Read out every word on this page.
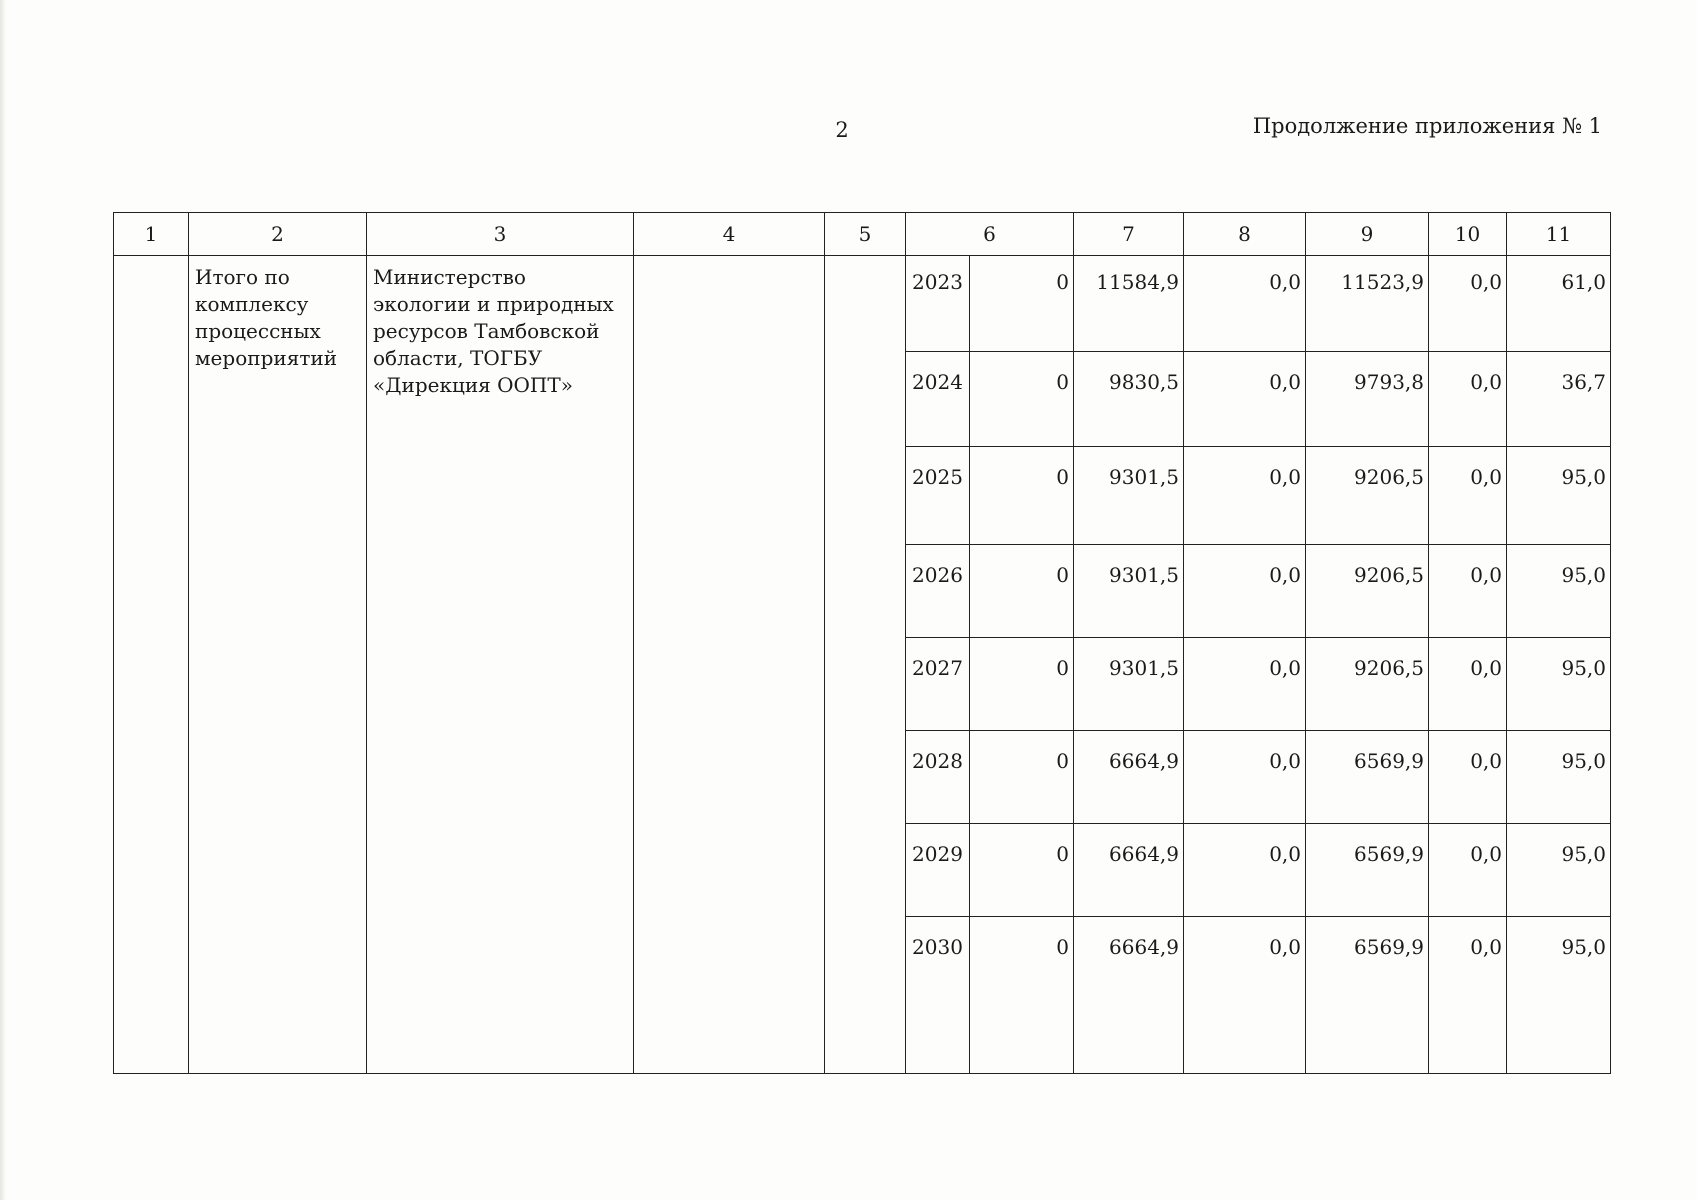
2	Продолжение приложения № 1
1	2	3	4	5	6		7	8	9	10	11

	Итого по комплексу процессных мероприятий	Министерство экологии и природных ресурсов Тамбовской области, ТОГБУ «Дирекция ООПТ»			2023	0	11584,9	0,0	11523,9	0,0	61,0
					2024	0	9830,5	0,0	9793,8	0,0	36,7
					2025	0	9301,5	0,0	9206,5	0,0	95,0
					2026	0	9301,5	0,0	9206,5	0,0	95,0
					2027	0	9301,5	0,0	9206,5	0,0	95,0
					2028	0	6664,9	0,0	6569,9	0,0	95,0
					2029	0	6664,9	0,0	6569,9	0,0	95,0
					2030	0	6664,9	0,0	6569,9	0,0	95,0
